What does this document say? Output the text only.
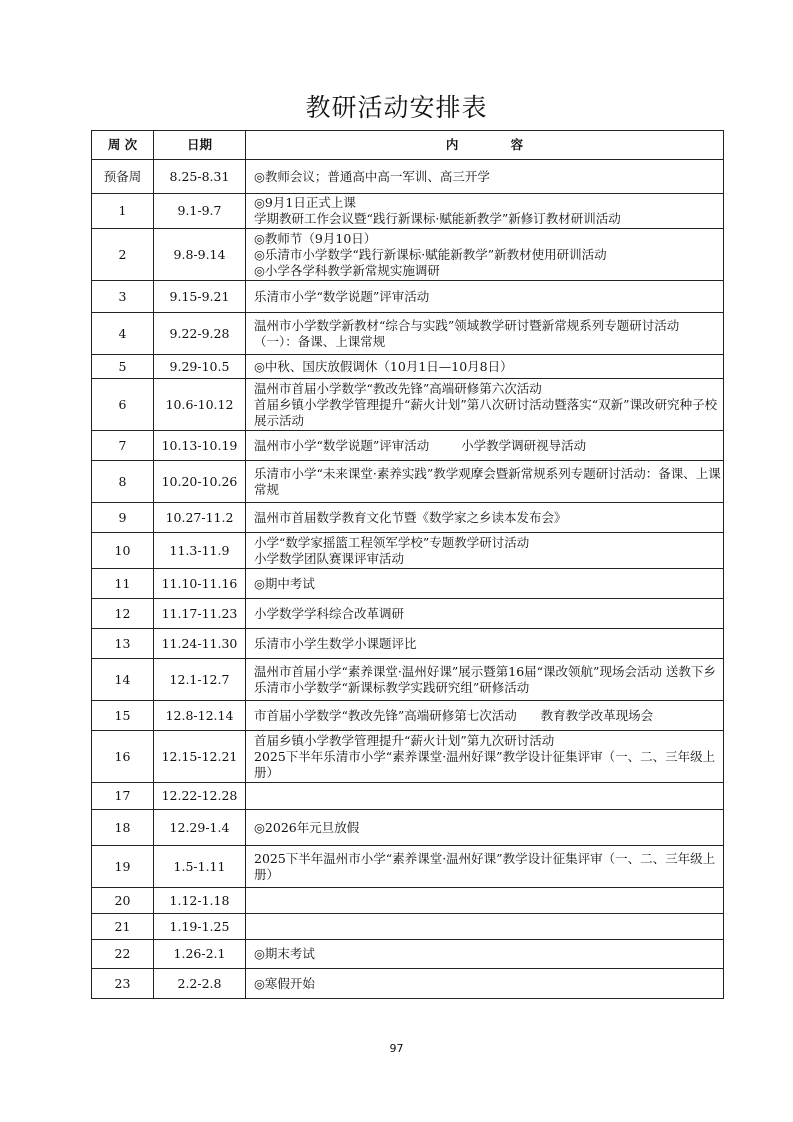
教研活动安排表
周 次	日期	内            容
预备周	8.25-8.31	◎教师会议；普通高中高一军训、高三开学

1	9.1-9.7	◎9月1日正式上课
学期教研工作会议暨“践行新课标·赋能新教学”新修订教材研训活动

2	9.8-9.14	◎教师节（9月10日）
◎乐清市小学数学“践行新课标·赋能新教学”新教材使用研训活动
◎小学各学科教学新常规实施调研

3	9.15-9.21	乐清市小学“数学说题”评审活动

4	9.22-9.28	温州市小学数学新教材“综合与实践”领域教学研讨暨新常规系列专题研讨活动（一）：备课、上课常规

5	9.29-10.5	◎中秋、国庆放假调休（10月1日—10月8日）

6	10.6-10.12	温州市首届小学数学“教改先锋”高端研修第六次活动
首届乡镇小学教学管理提升“薪火计划”第八次研讨活动暨落实“双新”课改研究种子校展示活动

7	10.13-10.19	温州市小学“数学说题”评审活动        小学教学调研视导活动

8	10.20-10.26	乐清市小学“未来课堂·素养实践”教学观摩会暨新常规系列专题研讨活动：备课、上课常规

9	10.27-11.2	温州市首届数学教育文化节暨《数学家之乡读本发布会》

10	11.3-11.9	小学“数学家摇篮工程领军学校”专题教学研讨活动
小学数学团队赛课评审活动

11	11.10-11.16	◎期中考试

12	11.17-11.23	小学数学学科综合改革调研

13	11.24-11.30	乐清市小学生数学小课题评比

14	12.1-12.7	温州市首届小学“素养课堂·温州好课”展示暨第16届“课改领航”现场会活动 送教下乡 乐清市小学数学“新课标教学实践研究组”研修活动

15	12.8-12.14	市首届小学数学“教改先锋”高端研修第七次活动      教育教学改革现场会

16	12.15-12.21	首届乡镇小学教学管理提升“薪火计划”第九次研讨活动
2025下半年乐清市小学“素养课堂·温州好课”教学设计征集评审（一、二、三年级上册）

17	12.22-12.28	
18	12.29-1.4	◎2026年元旦放假

19	1.5-1.11	2025下半年温州市小学“素养课堂·温州好课”教学设计征集评审（一、二、三年级上册）

20	1.12-1.18	
21	1.19-1.25	
22	1.26-2.1	◎期末考试

23	2.2-2.8	◎寒假开始
97
